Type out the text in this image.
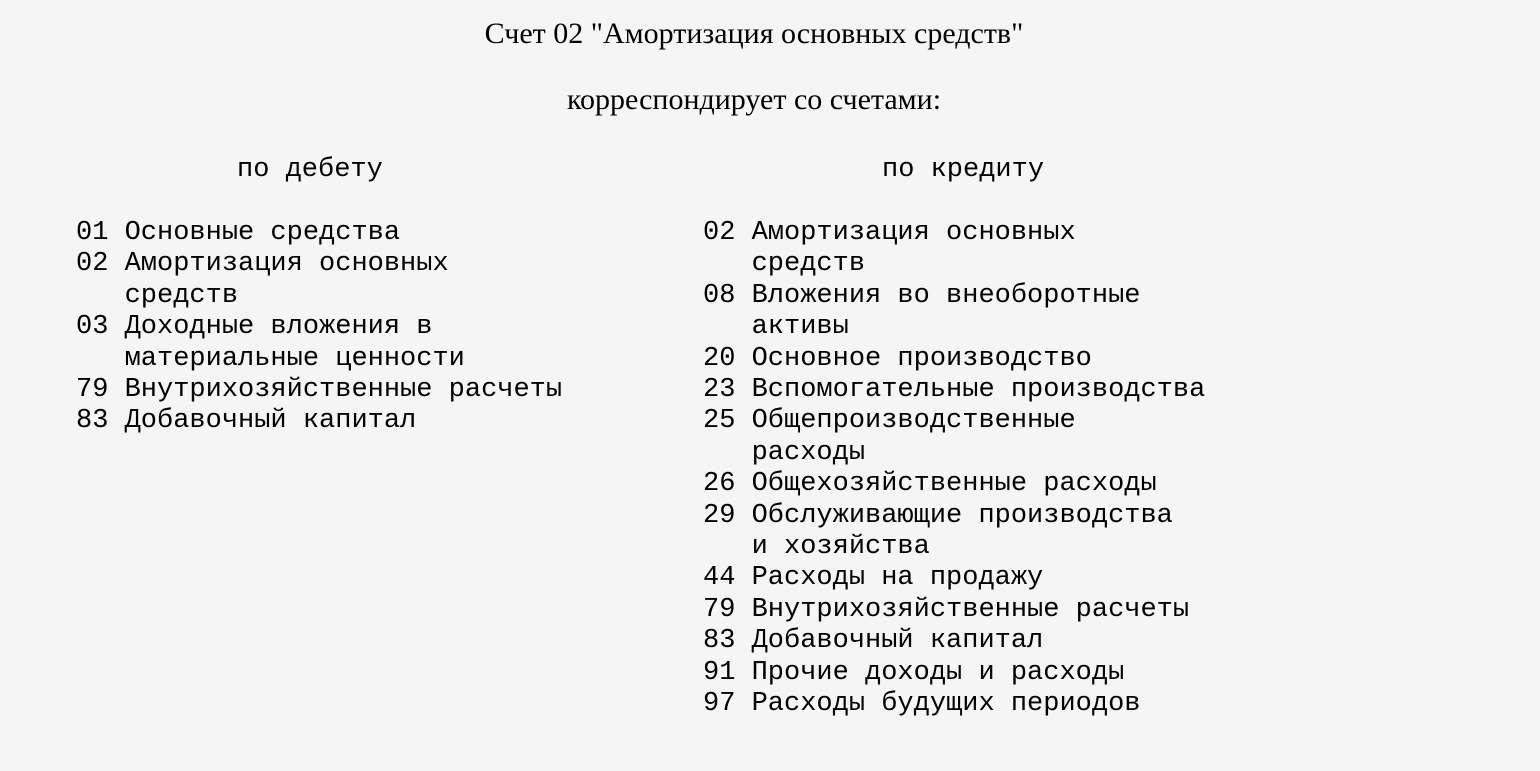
Счет 02 "Амортизация основных средств"
корреспондирует со счетами:
по дебету	по кредиту
01
Основные средства
02
Амортизация основных
средств
03
Доходные вложения в
материальные ценности
79
Внутрихозяйственные расчеты
83
Добавочный капитал
02
Амортизация основных
средств
08
Вложения во внеоборотные
активы
20
Основное производство
23
Вспомогательные производства
25
Общепроизводственные
расходы
26
Общехозяйственные расходы
29
Обслуживающие производства
и хозяйства
44
Расходы на продажу
79
Внутрихозяйственные расчеты
83
Добавочный капитал
91
Прочие доходы и расходы
97
Расходы будущих периодов
